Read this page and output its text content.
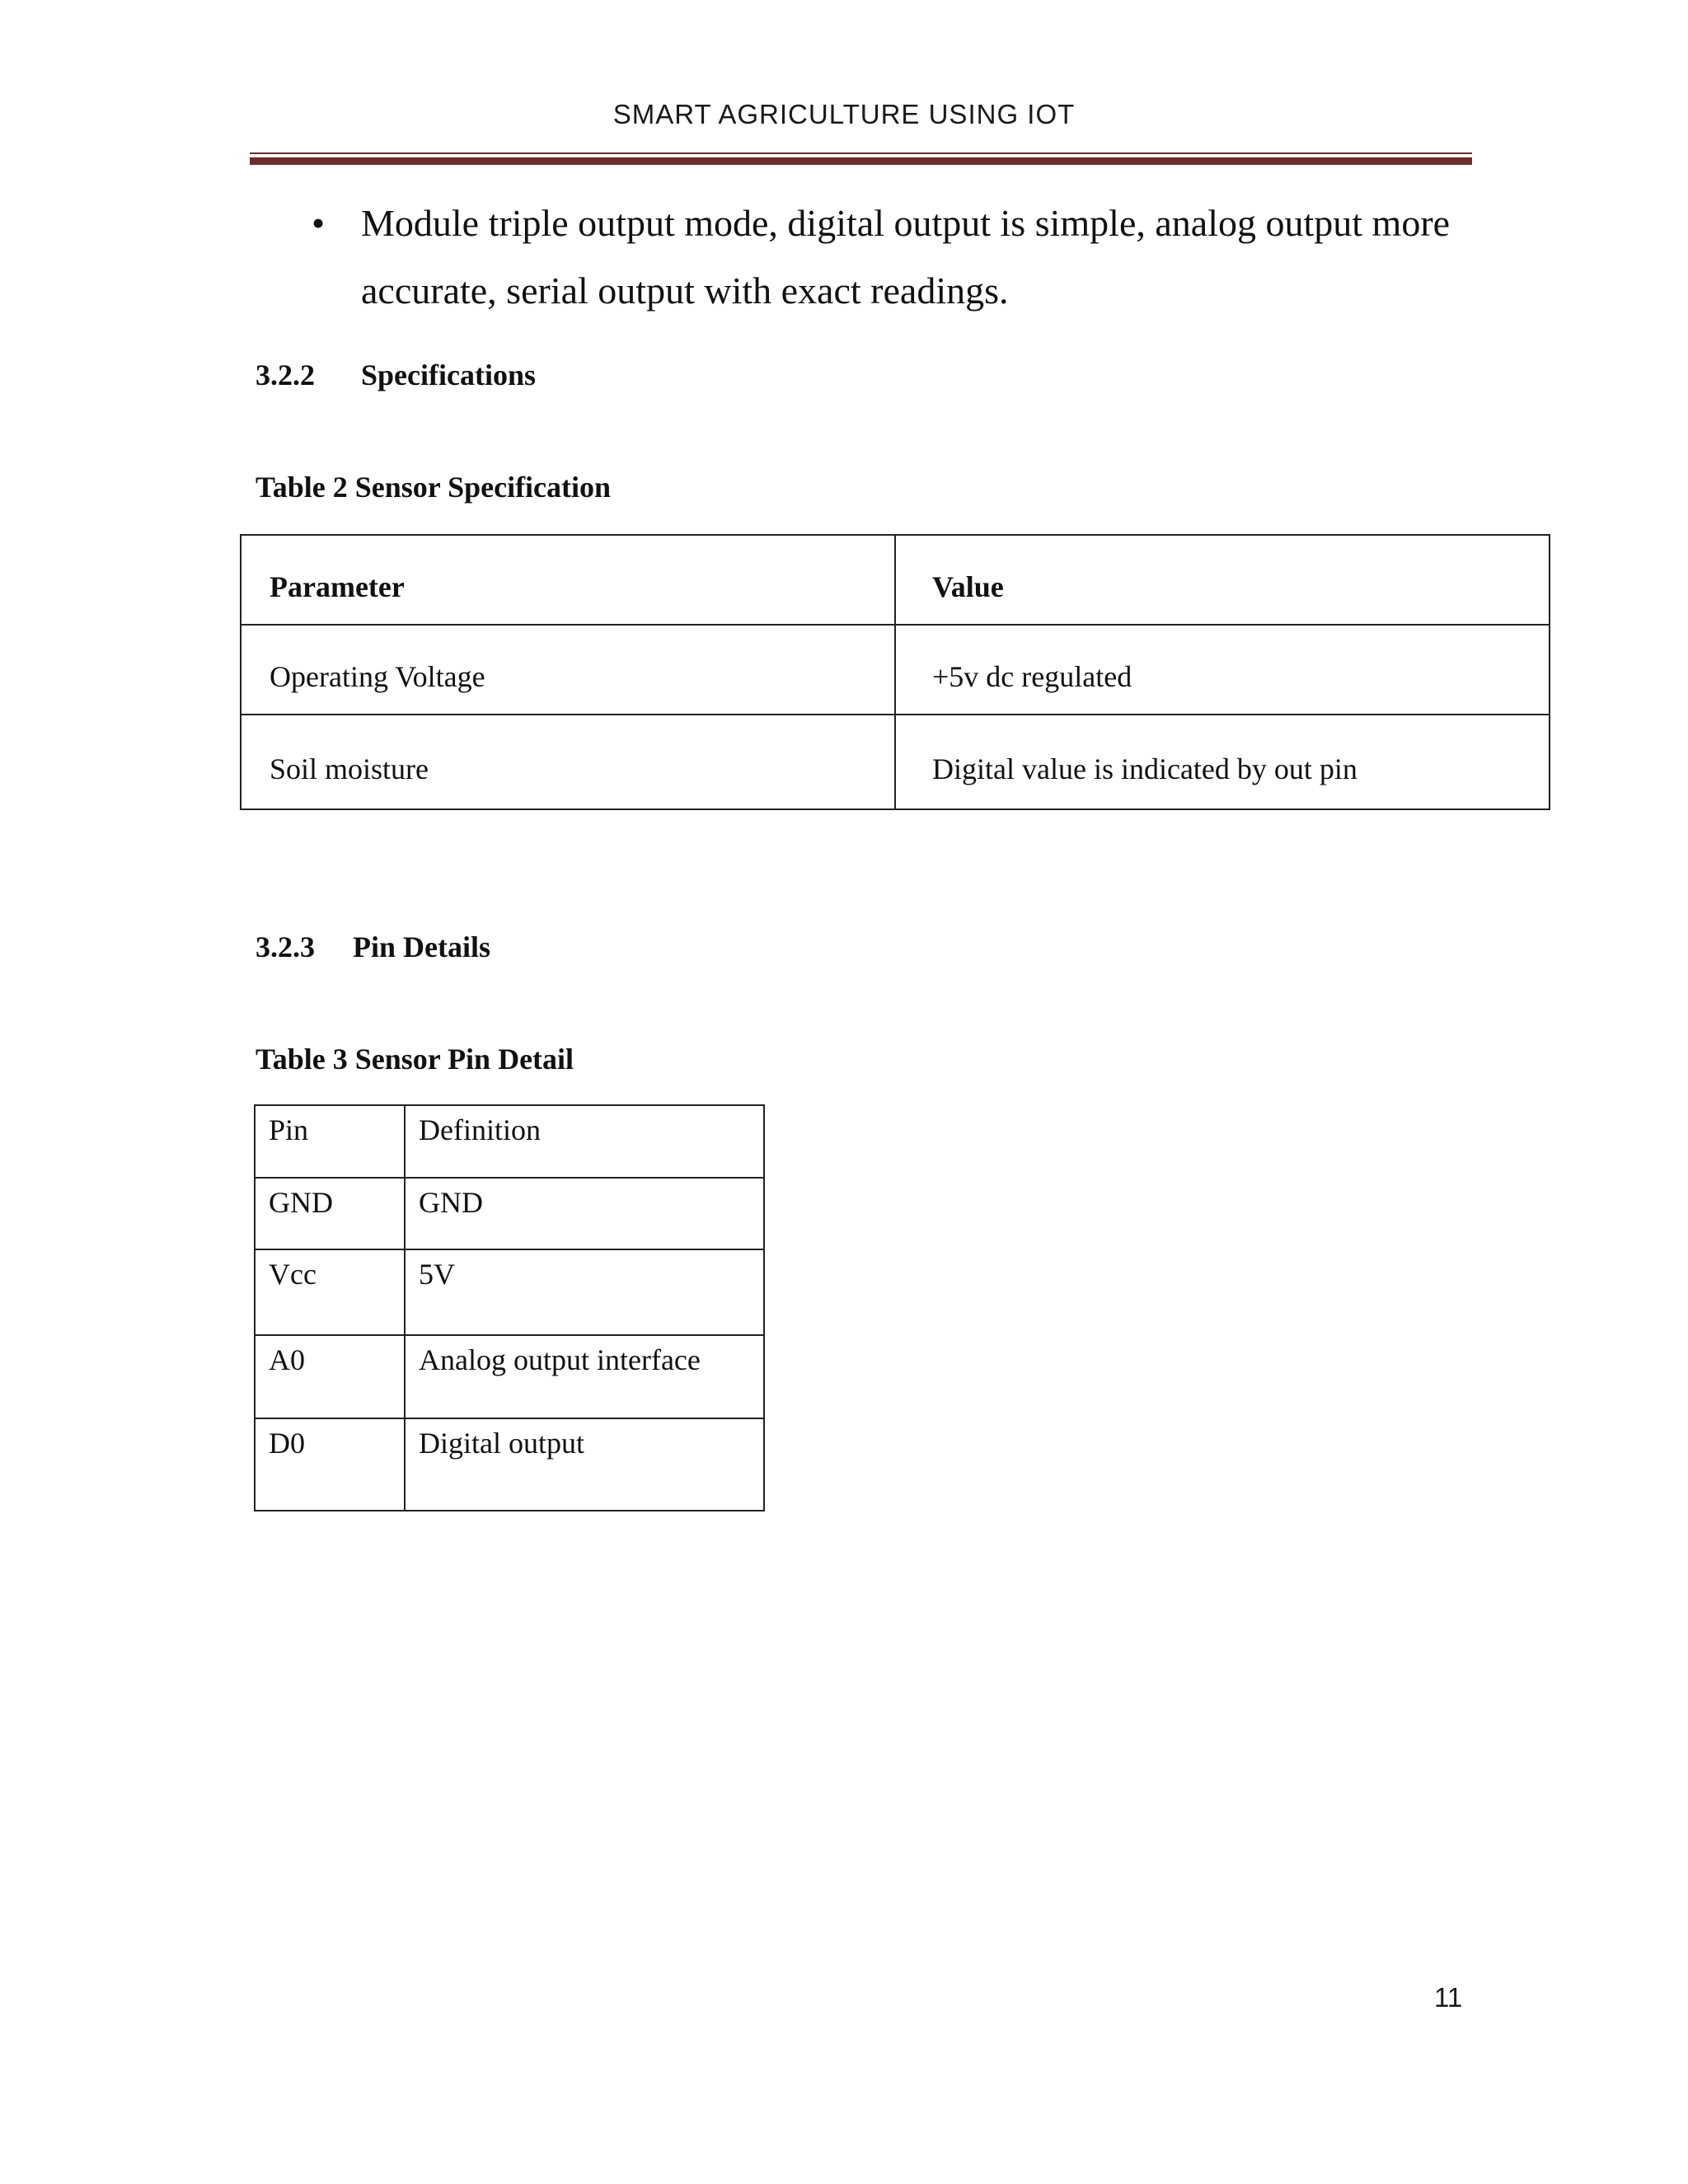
SMART AGRICULTURE USING IOT
• Module triple output mode, digital output is simple, analog output more
accurate, serial output with exact readings.
3.2.2 Specifications
Table 2 Sensor Specification
Parameter	Value
Operating Voltage	+5v dc regulated
Soil moisture	Digital value is indicated by out pin
3.2.3 Pin Details
Table 3 Sensor Pin Detail
Pin	Definition
GND	GND
Vcc	5V
A0	Analog output interface
D0	Digital output
11
